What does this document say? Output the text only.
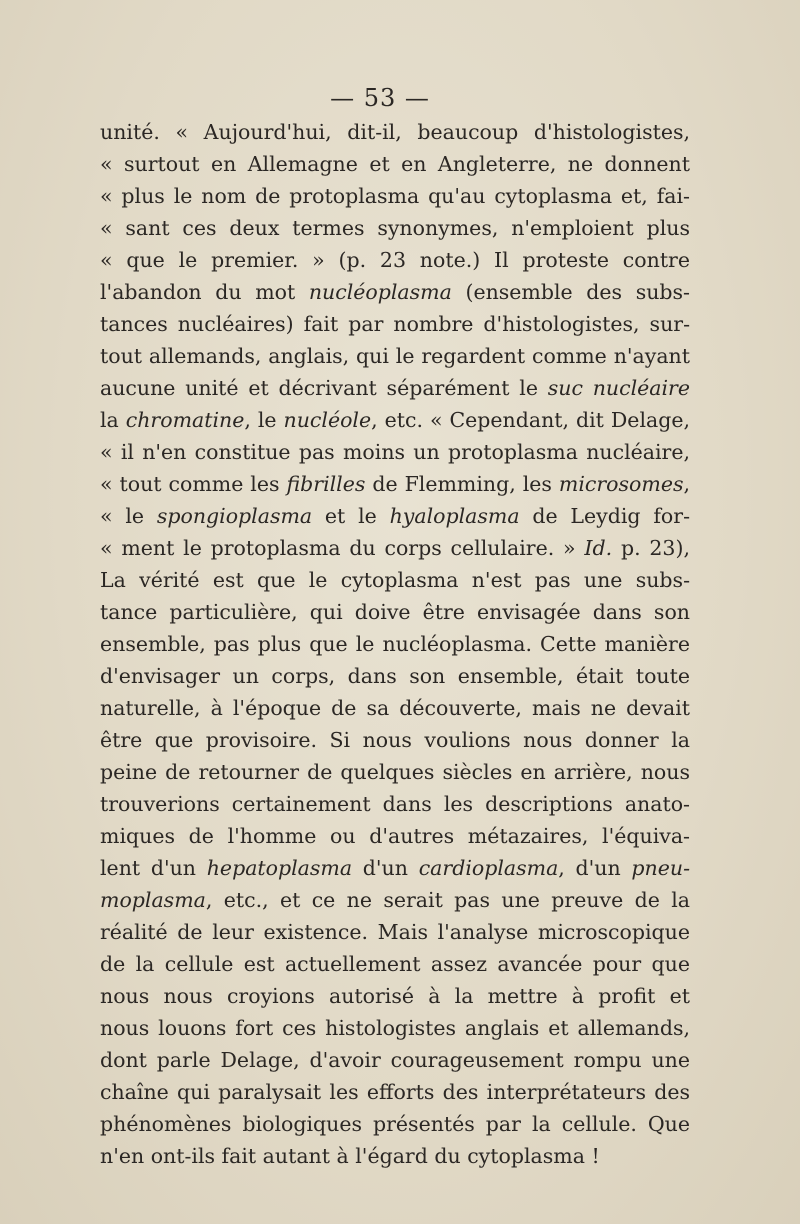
— 53 —
unité. « Aujourd'hui, dit-il, beaucoup d'histologistes,
« surtout en Allemagne et en Angleterre, ne donnent
« plus le nom de protoplasma qu'au cytoplasma et, fai-
« sant ces deux termes synonymes, n'emploient plus
« que le premier. » (p. 23 note.) Il proteste contre
l'abandon du mot nucléoplasma (ensemble des subs-
tances nucléaires) fait par nombre d'histologistes, sur-
tout allemands, anglais, qui le regardent comme n'ayant
aucune unité et décrivant séparément le suc nucléaire
la chromatine, le nucléole, etc. « Cependant, dit Delage,
« il n'en constitue pas moins un protoplasma nucléaire,
« tout comme les fibrilles de Flemming, les microsomes,
« le spongioplasma et le hyaloplasma de Leydig for-
« ment le protoplasma du corps cellulaire. » Id. p. 23),
La vérité est que le cytoplasma n'est pas une subs-
tance particulière, qui doive être envisagée dans son
ensemble, pas plus que le nucléoplasma. Cette manière
d'envisager un corps, dans son ensemble, était toute
naturelle, à l'époque de sa découverte, mais ne devait
être que provisoire. Si nous voulions nous donner la
peine de retourner de quelques siècles en arrière, nous
trouverions certainement dans les descriptions anato-
miques de l'homme ou d'autres métazaires, l'équiva-
lent d'un hepatoplasma d'un cardioplasma, d'un pneu-
moplasma, etc., et ce ne serait pas une preuve de la
réalité de leur existence. Mais l'analyse microscopique
de la cellule est actuellement assez avancée pour que
nous nous croyions autorisé à la mettre à profit et
nous louons fort ces histologistes anglais et allemands,
dont parle Delage, d'avoir courageusement rompu une
chaîne qui paralysait les efforts des interprétateurs des
phénomènes biologiques présentés par la cellule. Que
n'en ont-ils fait autant à l'égard du cytoplasma !
